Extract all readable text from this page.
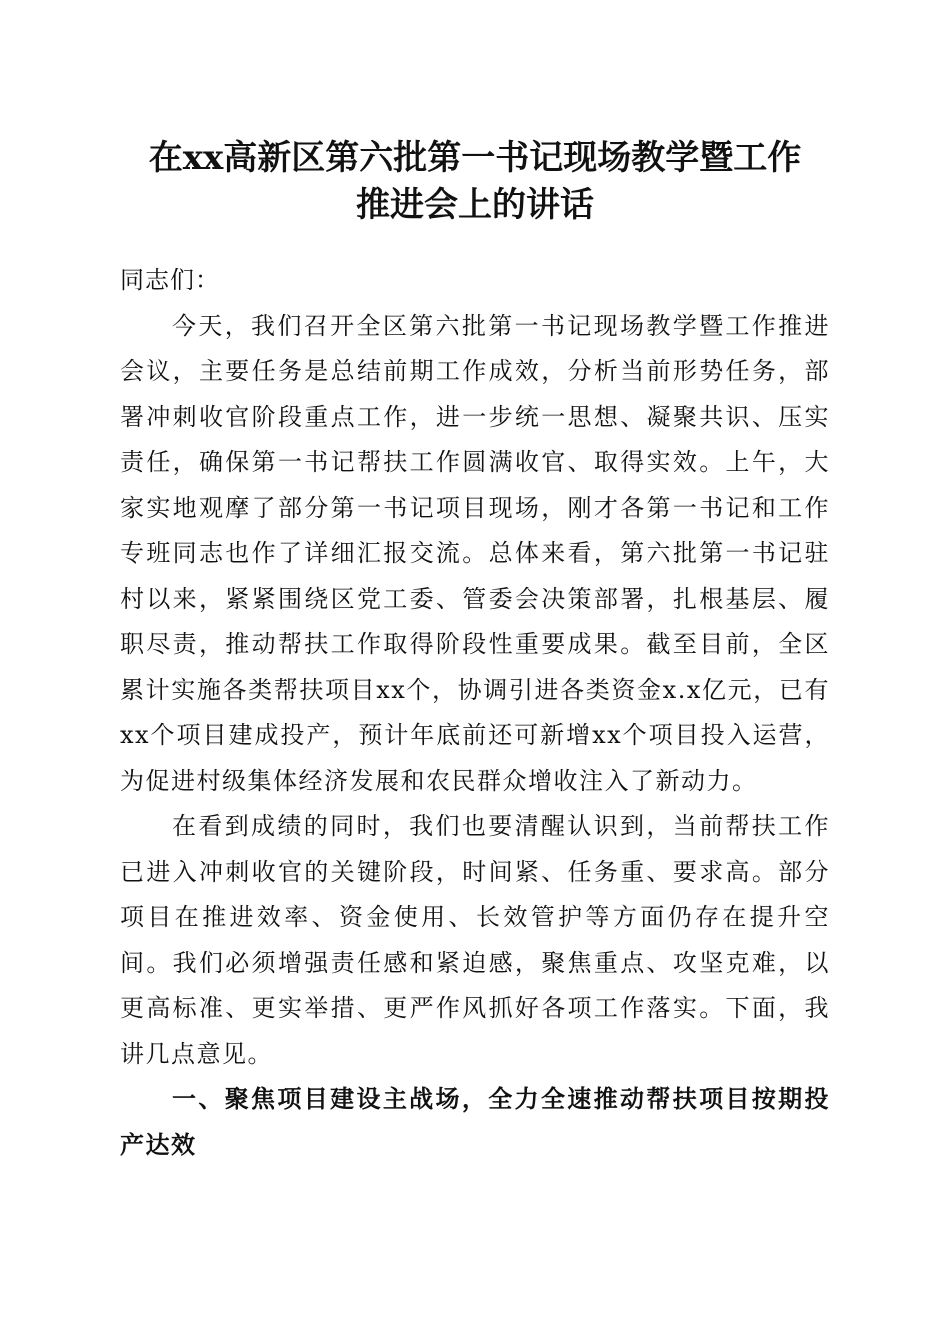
在xx高新区第六批第一书记现场教学暨工作
推进会上的讲话

同志们：

今天，我们召开全区第六批第一书记现场教学暨工作推进会议，主要任务是总结前期工作成效，分析当前形势任务，部署冲刺收官阶段重点工作，进一步统一思想、凝聚共识、压实责任，确保第一书记帮扶工作圆满收官、取得实效。上午，大家实地观摩了部分第一书记项目现场，刚才各第一书记和工作专班同志也作了详细汇报交流。总体来看，第六批第一书记驻村以来，紧紧围绕区党工委、管委会决策部署，扎根基层、履职尽责，推动帮扶工作取得阶段性重要成果。截至目前，全区累计实施各类帮扶项目xx个，协调引进各类资金x.x亿元，已有xx个项目建成投产，预计年底前还可新增xx个项目投入运营，为促进村级集体经济发展和农民群众增收注入了新动力。

在看到成绩的同时，我们也要清醒认识到，当前帮扶工作已进入冲刺收官的关键阶段，时间紧、任务重、要求高。部分项目在推进效率、资金使用、长效管护等方面仍存在提升空间。我们必须增强责任感和紧迫感，聚焦重点、攻坚克难，以更高标准、更实举措、更严作风抓好各项工作落实。下面，我讲几点意见。

一、聚焦项目建设主战场，全力全速推动帮扶项目按期投产达效
